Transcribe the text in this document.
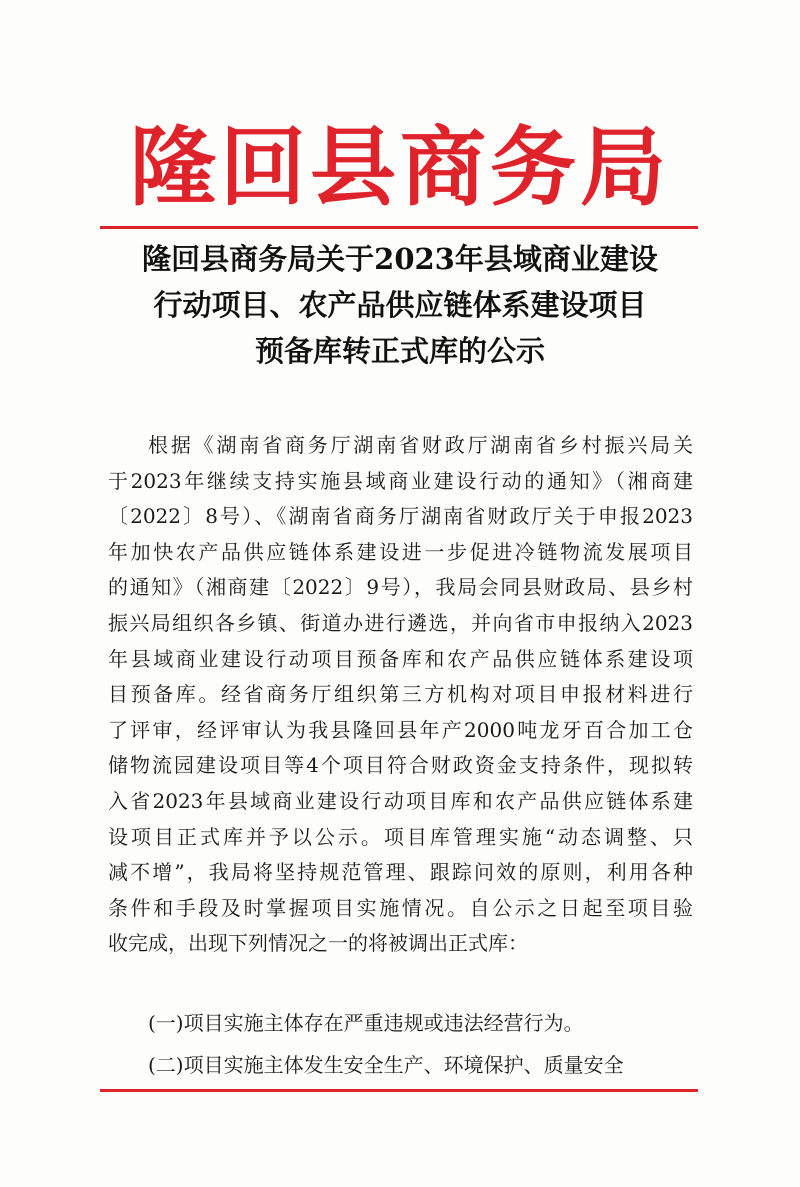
隆回县商务局
隆回县商务局关于2023年县域商业建设
行动项目、农产品供应链体系建设项目
预备库转正式库的公示
根据《湖南省商务厅湖南省财政厅湖南省乡村振兴局关
于2023年继续支持实施县域商业建设行动的通知》（湘商建
〔2022〕8号）、《湖南省商务厅湖南省财政厅关于申报2023
年加快农产品供应链体系建设进一步促进冷链物流发展项目
的通知》（湘商建〔2022〕9号），我局会同县财政局、县乡村
振兴局组织各乡镇、街道办进行遴选，并向省市申报纳入2023
年县域商业建设行动项目预备库和农产品供应链体系建设项
目预备库。经省商务厅组织第三方机构对项目申报材料进行
了评审，经评审认为我县隆回县年产2000吨龙牙百合加工仓
储物流园建设项目等4个项目符合财政资金支持条件，现拟转
入省2023年县域商业建设行动项目库和农产品供应链体系建
设项目正式库并予以公示。项目库管理实施“动态调整、只
减不增”，我局将坚持规范管理、跟踪问效的原则，利用各种
条件和手段及时掌握项目实施情况。自公示之日起至项目验
收完成，出现下列情况之一的将被调出正式库：
(一)项目实施主体存在严重违规或违法经营行为。
(二)项目实施主体发生安全生产、环境保护、质量安全
